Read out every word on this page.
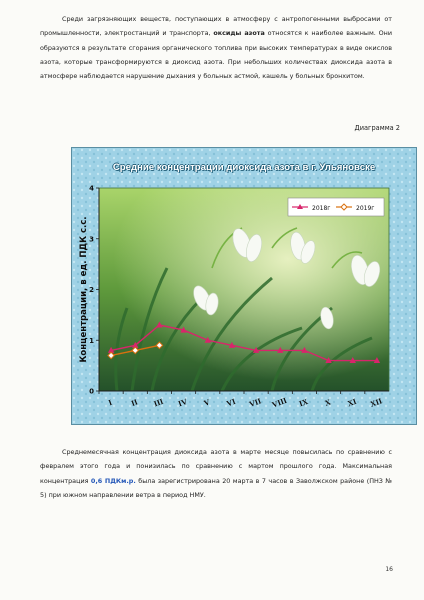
Среди загрязняющих веществ, поступающих в атмосферу с антропогенными выбросами от промышленности, электростанций и транспорта, оксиды азота относятся к наиболее важным. Они образуются в результате сгорания органического топлива при высоких температурах в виде окислов азота, которые трансформируются в диоксид азота. При небольших количествах диоксида азота в атмосфере наблюдается нарушение дыхания у больных астмой, кашель у больных бронхитом.

Диаграмма 2
0
1
2
3
4
Концентрации, в ед. ПДК с.с.
I II III IV V VI VII VIII IX X XI XII
2018г	2019г
Средние концентрации диоксида азота в г. Ульяновске

Среднемесячная концентрация диоксида азота в марте месяце повысилась по сравнению с февралем этого года и понизилась по сравнению с мартом прошлого года. Максимальная концентрация 0,6 ПДКм.р. была зарегистрирована 20 марта в 7 часов в Заволжском районе (ПНЗ № 5) при южном направлении ветра в период НМУ.

16
